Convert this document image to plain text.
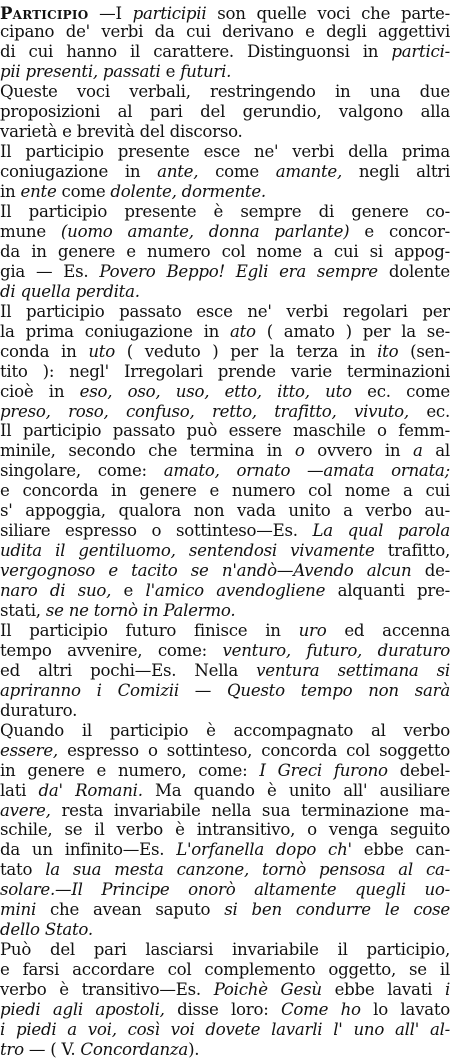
Participio —I participii son quelle voci che parte-
cipano de' verbi da cui derivano e degli aggettivi
di cui hanno il carattere. Distinguonsi in partici-
pii presenti, passati e futuri.
Queste voci verbali, restringendo in una due
proposizioni al pari del gerundio, valgono alla
varietà e brevità del discorso.
Il participio presente esce ne' verbi della prima
coniugazione in ante, come amante, negli altri
in ente come dolente, dormente.
Il participio presente è sempre di genere co-
mune (uomo amante, donna parlante) e concor-
da in genere e numero col nome a cui si appog-
gia — Es. Povero Beppo! Egli era sempre dolente
di quella perdita.
Il participio passato esce ne' verbi regolari per
la prima coniugazione in ato ( amato ) per la se-
conda in uto ( veduto ) per la terza in ito (sen-
tito ): negl' Irregolari prende varie terminazioni
cioè in eso, oso, uso, etto, itto, uto ec. come
preso, roso, confuso, retto, trafitto, vivuto, ec.
Il participio passato può essere maschile o femm-
minile, secondo che termina in o ovvero in a al
singolare, come: amato, ornato —amata ornata;
e concorda in genere e numero col nome a cui
s' appoggia, qualora non vada unito a verbo au-
siliare espresso o sottinteso—Es. La qual parola
udita il gentiluomo, sentendosi vivamente trafitto,
vergognoso e tacito se n'andò—Avendo alcun de-
naro di suo, e l'amico avendogliene alquanti pre-
stati, se ne tornò in Palermo.
Il participio futuro finisce in uro ed accenna
tempo avvenire, come: venturo, futuro, duraturo
ed altri pochi—Es. Nella ventura settimana si
apriranno i Comizii — Questo tempo non sarà
duraturo.
Quando il participio è accompagnato al verbo
essere, espresso o sottinteso, concorda col soggetto
in genere e numero, come: I Greci furono debel-
lati da' Romani. Ma quando è unito all' ausiliare
avere, resta invariabile nella sua terminazione ma-
schile, se il verbo è intransitivo, o venga seguito
da un infinito—Es. L'orfanella dopo ch' ebbe can-
tato la sua mesta canzone, tornò pensosa al ca-
solare.—Il Principe onorò altamente quegli uo-
mini che avean saputo si ben condurre le cose
dello Stato.
Può del pari lasciarsi invariabile il participio,
e farsi accordare col complemento oggetto, se il
verbo è transitivo—Es. Poichè Gesù ebbe lavati i
piedi agli apostoli, disse loro: Come ho lo lavato
i piedi a voi, così voi dovete lavarli l' uno all' al-
tro — ( V. Concordanza).
